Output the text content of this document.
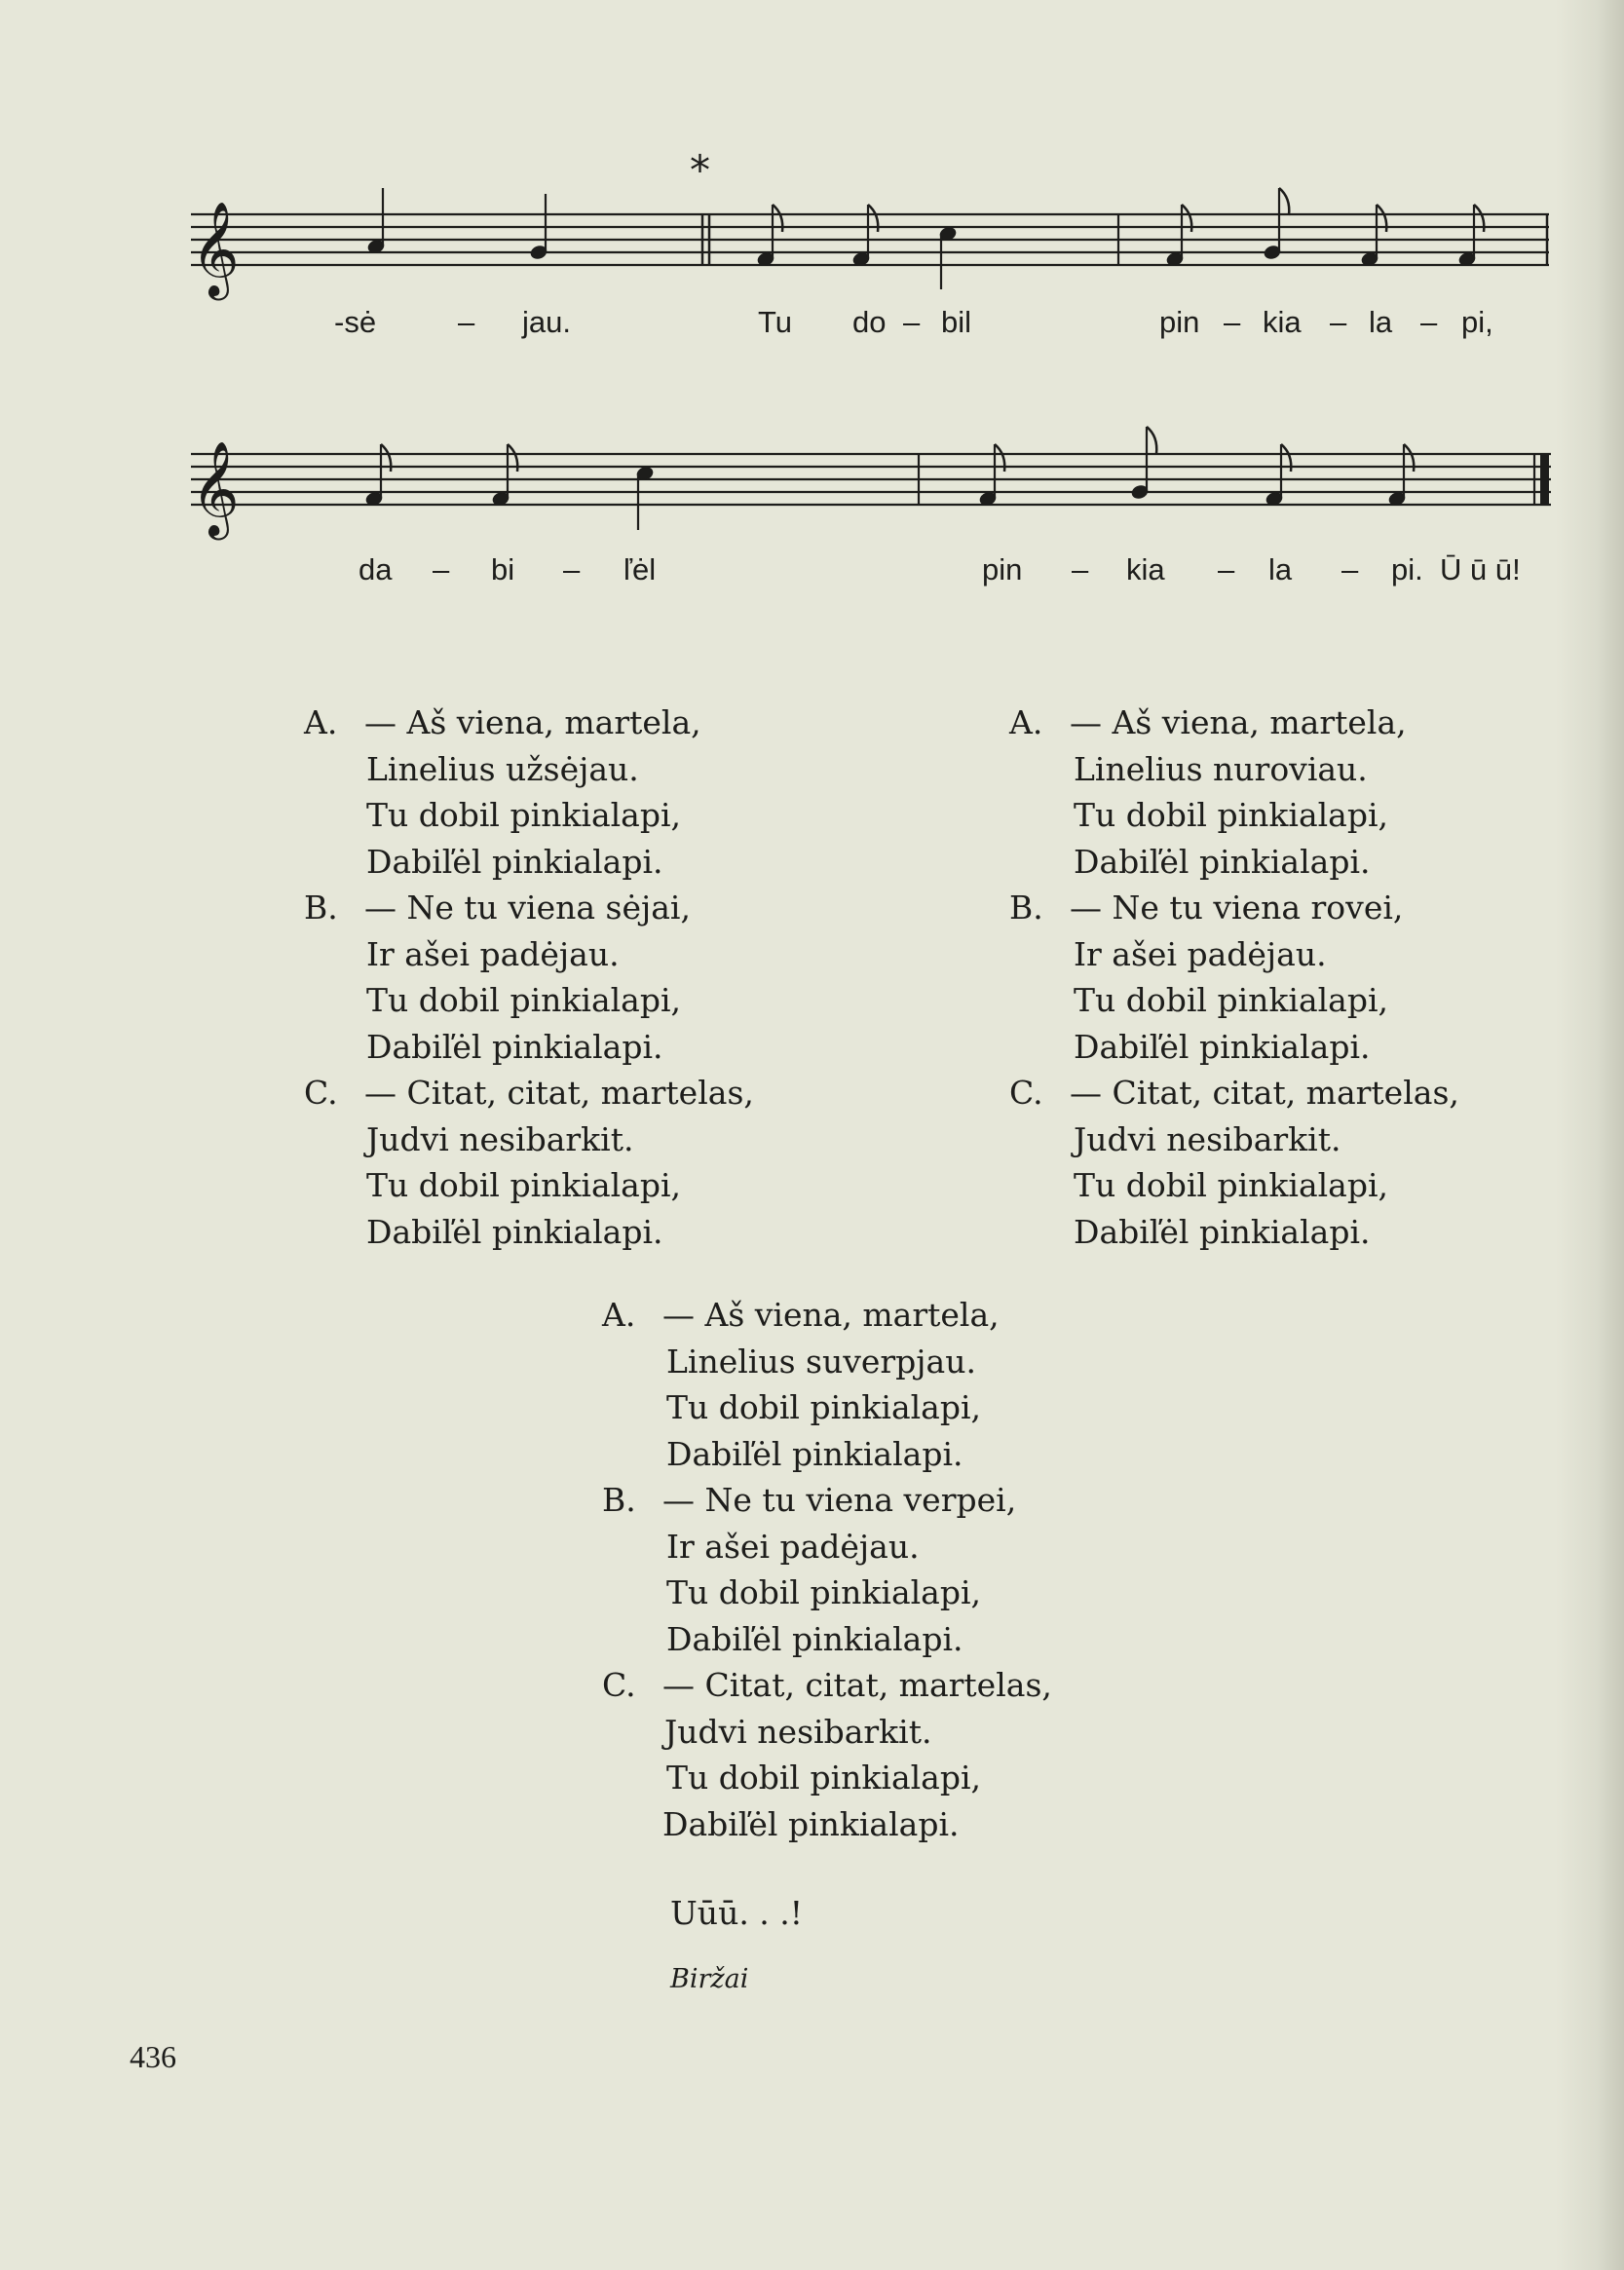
*
𝄞
-sė	– jau.	Tu do – bil	pin – kia – la – pi,
𝄞
da – bi – ľėl	pin – kia – la – pi. Ū ū ū!
A. — Aš viena, martela,
Linelius užsėjau.
Tu dobil pinkialapi,
Dabiľėl pinkialapi.
B. — Ne tu viena sėjai,
Ir ašei padėjau.
Tu dobil pinkialapi,
Dabiľėl pinkialapi.
C. — Citat, citat, martelas,
Judvi nesibarkit.
Tu dobil pinkialapi,
Dabiľėl pinkialapi.
A. — Aš viena, martela,
Linelius nuroviau.
Tu dobil pinkialapi,
Dabiľėl pinkialapi.
B. — Ne tu viena rovei,
Ir ašei padėjau.
Tu dobil pinkialapi,
Dabiľėl pinkialapi.
C. — Citat, citat, martelas,
Judvi nesibarkit.
Tu dobil pinkialapi,
Dabiľėl pinkialapi.
A. — Aš viena, martela,
Linelius suverpjau.
Tu dobil pinkialapi,
Dabiľėl pinkialapi.
B. — Ne tu viena verpei,
Ir ašei padėjau.
Tu dobil pinkialapi,
Dabiľėl pinkialapi.
C. — Citat, citat, martelas,
Judvi nesibarkit.
Tu dobil pinkialapi,
Dabiľėl pinkialapi.
Uūū. . .!
Biržai
436
